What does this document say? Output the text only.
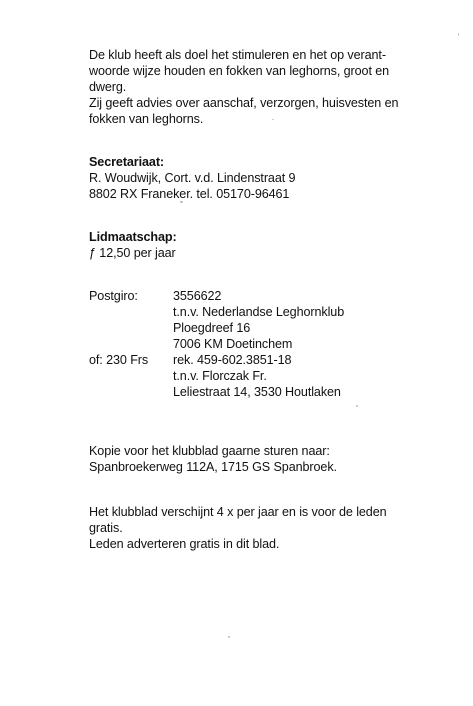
De klub heeft als doel het stimuleren en het op verant-

woorde wijze houden en fokken van leghorns, groot en

dwerg.

Zij geeft advies over aanschaf, verzorgen, huisvesten en

fokken van leghorns.

Secretariaat:

R. Woudwijk, Cort. v.d. Lindenstraat 9

8802 RX Franeker. tel. 05170-96461

Lidmaatschap:

ƒ 12,50 per jaar

Postgiro:	3556622
t.n.v. Nederlandse Leghornklub
Ploegdreef 16
7006 KM Doetinchem
of: 230 Frs rek. 459-602.3851-18
t.n.v. Florczak Fr.
Leliestraat 14, 3530 Houtlaken

Kopie voor het klubblad gaarne sturen naar:

Spanbroekerweg 112A, 1715 GS Spanbroek.

Het klubblad verschijnt 4 x per jaar en is voor de leden

gratis.

Leden adverteren gratis in dit blad.
